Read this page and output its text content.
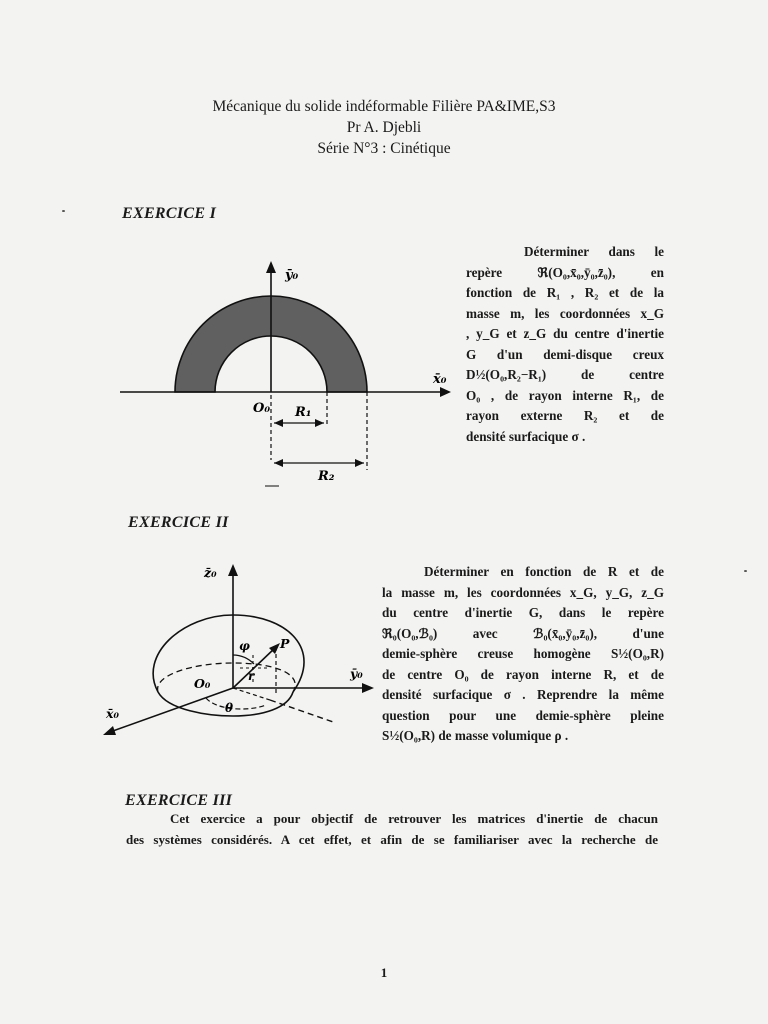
Mécanique du solide indéformable Filière PA&IME,S3
Pr A. Djebli
Série N°3 : Cinétique
EXERCICE I
ȳ₀
x̄₀
O₀ R₁
R₂
Déterminer dans le
repère ℜ(O₀,x̄₀,ȳ₀,z̄₀), en
fonction de R₁ , R₂ et de la
masse m, les coordonnées x_G
, y_G et z_G du centre d'inertie
G d'un demi-disque creux
D½(O₀,R₂−R₁) de centre
O₀ , de rayon interne R₁, de
rayon externe R₂ et de
densité surfacique σ .
EXERCICE II
z̄₀
ȳ₀
x̄₀
O₀
P
φ
r
θ
Déterminer en fonction de R et de
la masse m, les coordonnées x_G, y_G, z_G
du centre d'inertie G, dans le repère
ℜ₀(O₀,ℬ₀) avec ℬ₀(x̄₀,ȳ₀,z̄₀), d'une
demie-sphère creuse homogène S½(O₀,R)
de centre O₀ de rayon interne R, et de
densité surfacique σ . Reprendre la même
question pour une demie-sphère pleine
S½(O₀,R) de masse volumique ρ .
EXERCICE III
Cet exercice a pour objectif de retrouver les matrices d'inertie de chacun
des systèmes considérés. A cet effet, et afin de se familiariser avec la recherche de
1
